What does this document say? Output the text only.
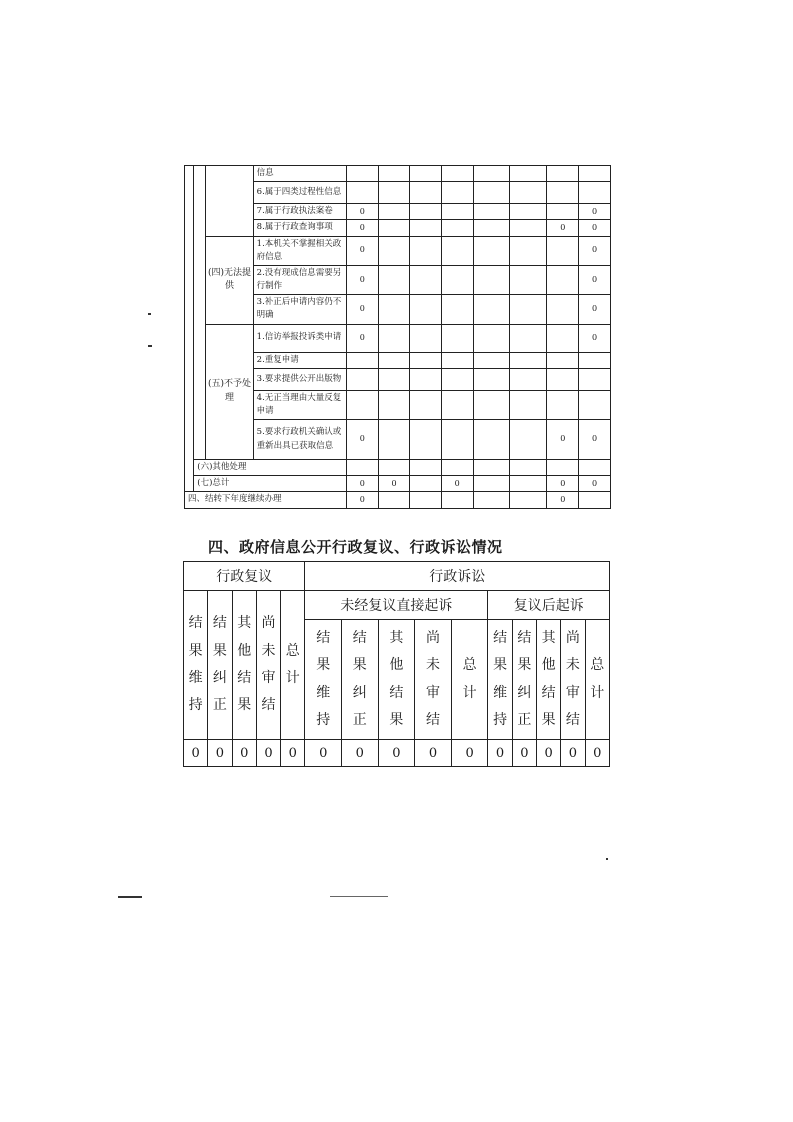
			信息								
			6.属于四类过程性信息								
			7.属于行政执法案卷	0							0
			8.属于行政查询事项	0						0	0
		(四)无法提供	1.本机关不掌握相关政府信息	0							0
			2.没有现成信息需要另行制作	0							0
			3.补正后申请内容仍不明确	0							0
		(五)不予处理	1.信访举报投诉类申请	0							0
			2.重复申请								
			3.要求提供公开出版物								
			4.无正当理由大量反复申请								
			5.要求行政机关确认或重新出具已获取信息	0						0	0
	(六)其他处理										
	(七)总计			0	0		0			0	0
四、结转下年度继续办理				0						0	
四、政府信息公开行政复议、行政诉讼情况
行政复议					行政诉讼									
结果维持	结果纠正	其他结果	尚未审结	总计	未经复议直接起诉					复议后起诉				
					结果维持	结果纠正	其他结果	尚未审结	总计	结果维持	结果纠正	其他结果	尚未审结	总计
0	0	0	0	0	0	0	0	0	0	0	0	0	0	0
